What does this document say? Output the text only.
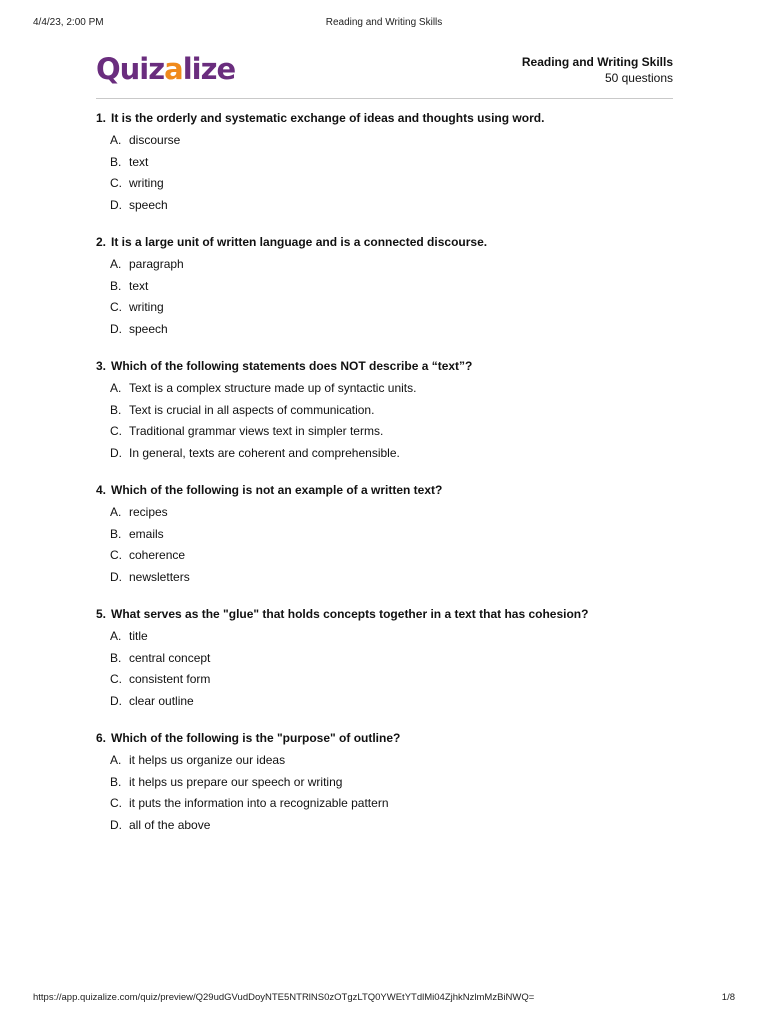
4/4/23, 2:00 PM	Reading and Writing Skills
Quizalize	Reading and Writing Skills
50 questions
1. It is the orderly and systematic exchange of ideas and thoughts using word.
A. discourse
B. text
C. writing
D. speech
2. It is a large unit of written language and is a connected discourse.
A. paragraph
B. text
C. writing
D. speech
3. Which of the following statements does NOT describe a “text”?
A. Text is a complex structure made up of syntactic units.
B. Text is crucial in all aspects of communication.
C. Traditional grammar views text in simpler terms.
D. In general, texts are coherent and comprehensible.
4. Which of the following is not an example of a written text?
A. recipes
B. emails
C. coherence
D. newsletters
5. What serves as the "glue" that holds concepts together in a text that has cohesion?
A. title
B. central concept
C. consistent form
D. clear outline
6. Which of the following is the "purpose" of outline?
A. it helps us organize our ideas
B. it helps us prepare our speech or writing
C. it puts the information into a recognizable pattern
D. all of the above
https://app.quizalize.com/quiz/preview/Q29udGVudDoyNTE5NTRlNS0zOTgzLTQ0YWEtYTdlMi04ZjhkNzlmMzBiNWQ=	1/8
